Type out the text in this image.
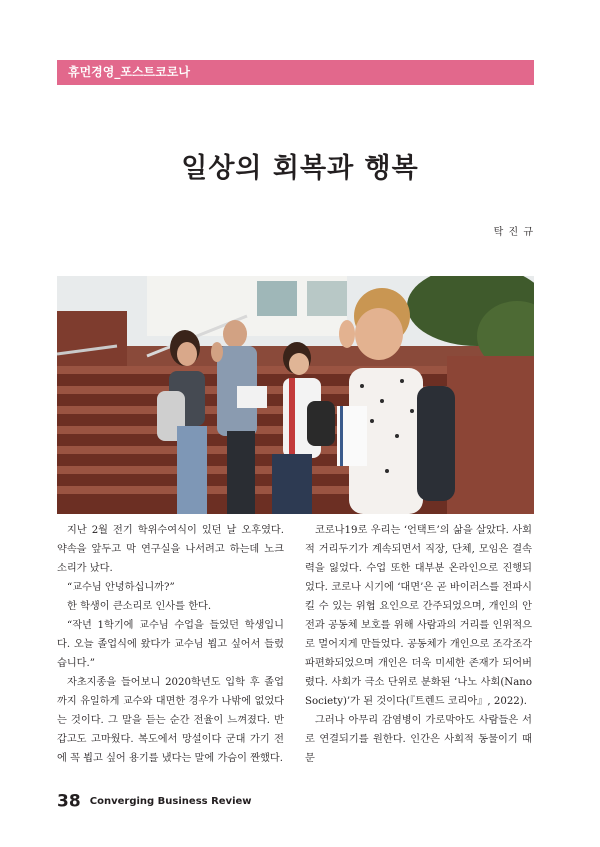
휴먼경영_포스트코로나
일상의 회복과 행복
탁 진 규

지난 2월 전기 학위수여식이 있던 날 오후였다. 약속을 앞두고 막 연구실을 나서려고 하는데 노크 소리가 났다.

“교수님 안녕하십니까?”

한 학생이 큰소리로 인사를 한다.

“작년 1학기에 교수님 수업을 들었던 학생입니다. 오늘 졸업식에 왔다가 교수님 뵙고 싶어서 들렀습니다.”

자초지종을 들어보니 2020학년도 입학 후 졸업까지 유일하게 교수와 대면한 경우가 나밖에 없었다는 것이다. 그 말을 듣는 순간 전율이 느껴졌다. 반갑고도 고마웠다. 복도에서 망설이다 군대 가기 전에 꼭 뵙고 싶어 용기를 냈다는 말에 가슴이 짠했다.

코로나19로 우리는 ‘언택트’의 삶을 살았다. 사회적 거리두기가 계속되면서 직장, 단체, 모임은 결속력을 잃었다. 수업 또한 대부분 온라인으로 진행되었다. 코로나 시기에 ‘대면’은 곧 바이러스를 전파시킬 수 있는 위협 요인으로 간주되었으며, 개인의 안전과 공동체 보호를 위해 사람과의 거리를 인위적으로 멀어지게 만들었다. 공동체가 개인으로 조각조각 파편화되었으며 개인은 더욱 미세한 존재가 되어버렸다. 사회가 극소 단위로 분화된 ‘나노 사회(Nano Society)’가 된 것이다(『트렌드 코리아』, 2022).

그러나 아무리 감염병이 가로막아도 사람들은 서로 연결되기를 원한다. 인간은 사회적 동물이기 때문

38 Converging Business Review
